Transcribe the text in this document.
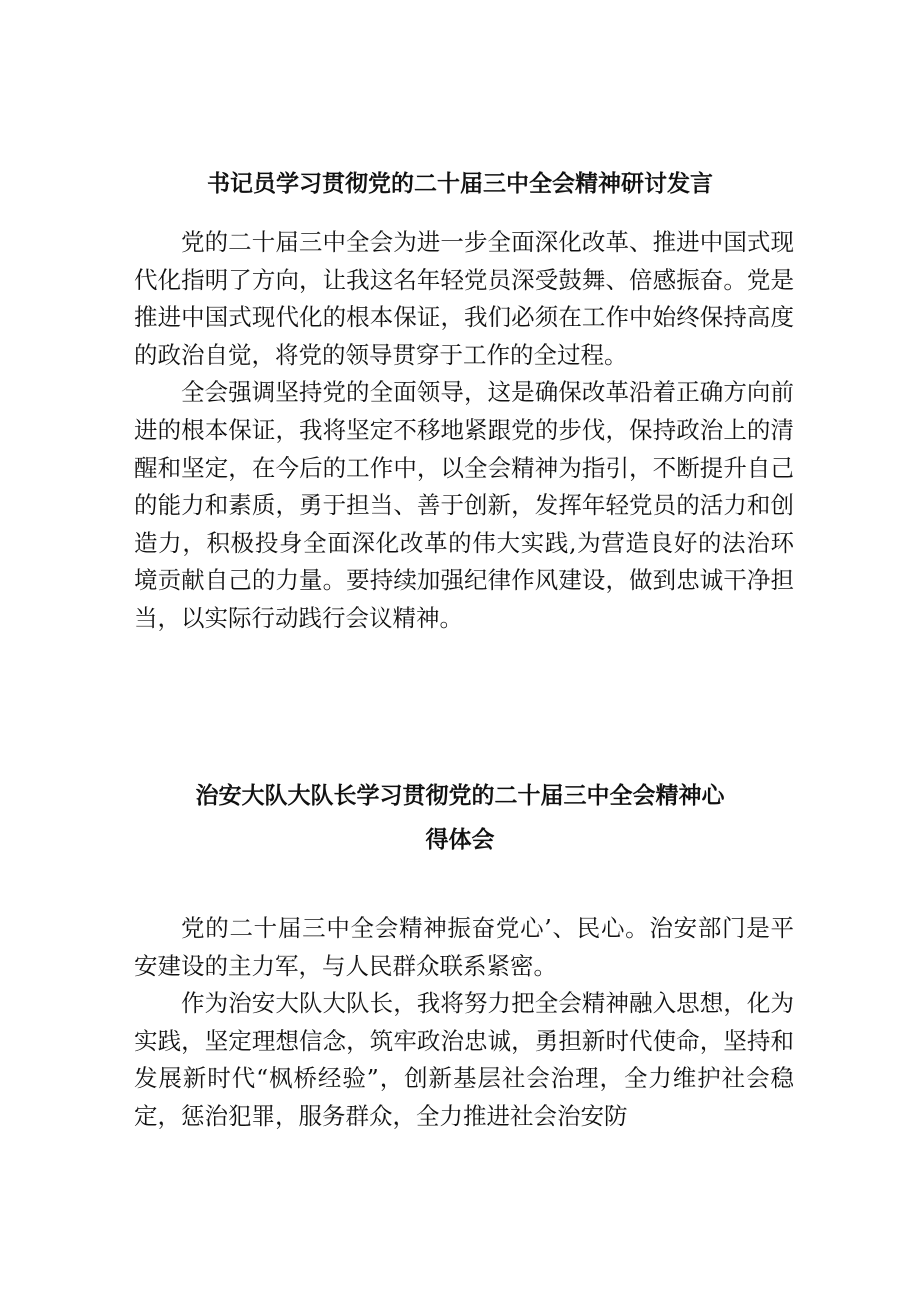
书记员学习贯彻党的二十届三中全会精神研讨发言

党的二十届三中全会为进一步全面深化改革、推进中国式现代化指明了方向，让我这名年轻党员深受鼓舞、倍感振奋。党是推进中国式现代化的根本保证，我们必须在工作中始终保持高度的政治自觉，将党的领导贯穿于工作的全过程。

全会强调坚持党的全面领导，这是确保改革沿着正确方向前进的根本保证，我将坚定不移地紧跟党的步伐，保持政治上的清醒和坚定，在今后的工作中，以全会精神为指引，不断提升自己的能力和素质，勇于担当、善于创新，发挥年轻党员的活力和创造力，积极投身全面深化改革的伟大实践,为营造良好的法治环境贡献自己的力量。要持续加强纪律作风建设，做到忠诚干净担当，以实际行动践行会议精神。

治安大队大队长学习贯彻党的二十届三中全会精神心
得体会

党的二十届三中全会精神振奋党心’、民心。治安部门是平安建设的主力军，与人民群众联系紧密。

作为治安大队大队长，我将努力把全会精神融入思想，化为实践，坚定理想信念，筑牢政治忠诚，勇担新时代使命，坚持和发展新时代“枫桥经验”，创新基层社会治理，全力维护社会稳定，惩治犯罪，服务群众，全力推进社会治安防
